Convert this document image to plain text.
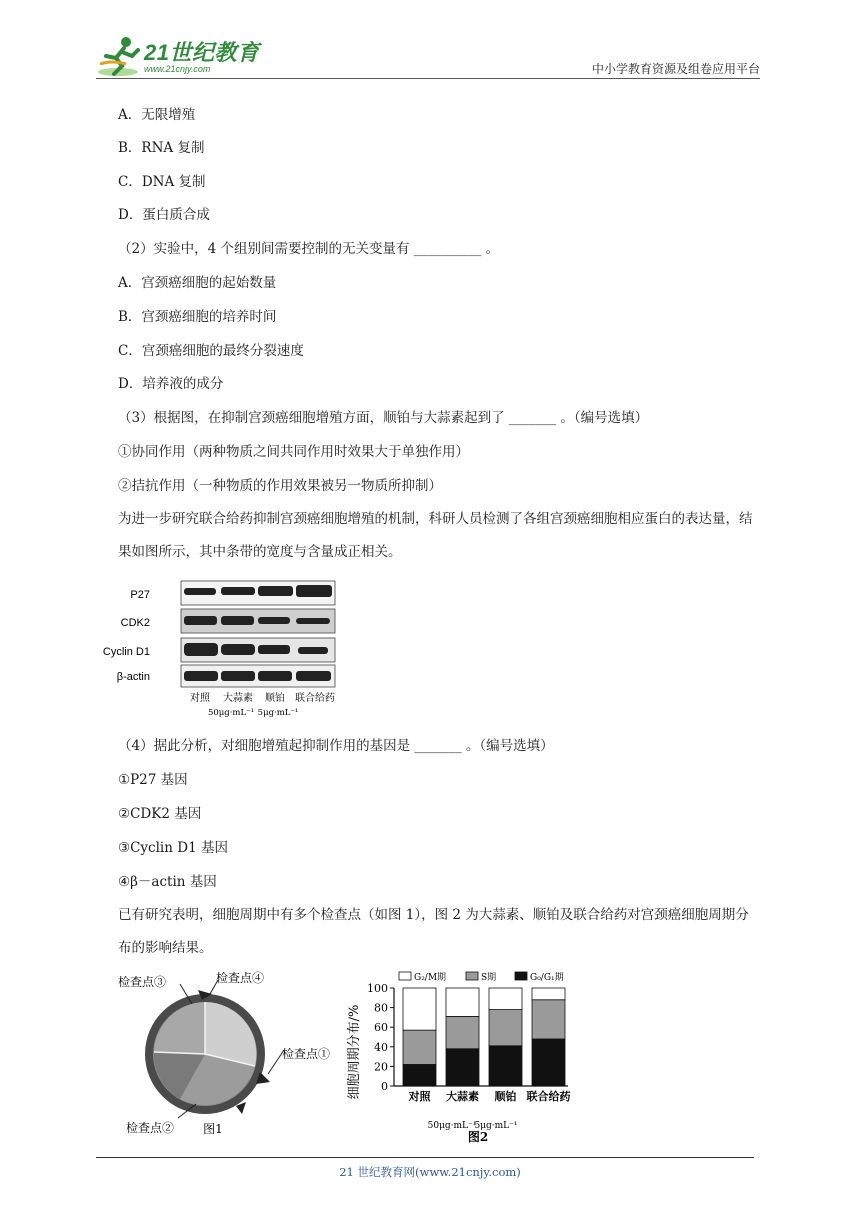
21世纪教育
www.21cnjy.com	中小学教育资源及组卷应用平台
A．无限增殖
B．RNA 复制
C．DNA 复制
D．蛋白质合成
（2）实验中，4 个组别间需要控制的无关变量有 __________ 。
A．宫颈癌细胞的起始数量
B．宫颈癌细胞的培养时间
C．宫颈癌细胞的最终分裂速度
D．培养液的成分
（3）根据图，在抑制宫颈癌细胞增殖方面，顺铂与大蒜素起到了 _______ 。（编号选填）
①协同作用（两种物质之间共同作用时效果大于单独作用）
②拮抗作用（一种物质的作用效果被另一物质所抑制）
为进一步研究联合给药抑制宫颈癌细胞增殖的机制，科研人员检测了各组宫颈癌细胞相应蛋白的表达量，结果如图所示，其中条带的宽度与含量成正相关。
（4）据此分析，对细胞增殖起抑制作用的基因是 _______ 。（编号选填）
①P27 基因
②CDK2 基因
③Cyclin D1 基因
④β－actin 基因
已有研究表明，细胞周期中有多个检查点（如图 1），图 2 为大蒜素、顺铂及联合给药对宫颈癌细胞周期分布的影响结果。
P27
CDK2
Cyclin D1
β-actin
对照 大蒜素 顺铂 联合给药
50μg·mL⁻¹ 5μg·mL⁻¹
检查点③	检查点④
检查点①
检查点② 图1
G₂/M期	S期	G₀/G₁期
细胞周期分布/% 0
20
40
60
80
100
对照 大蒜素 顺铂 联合给药
50μg·mL⁻¹
5μg·mL⁻¹
图2
21 世纪教育网(www.21cnjy.com)
